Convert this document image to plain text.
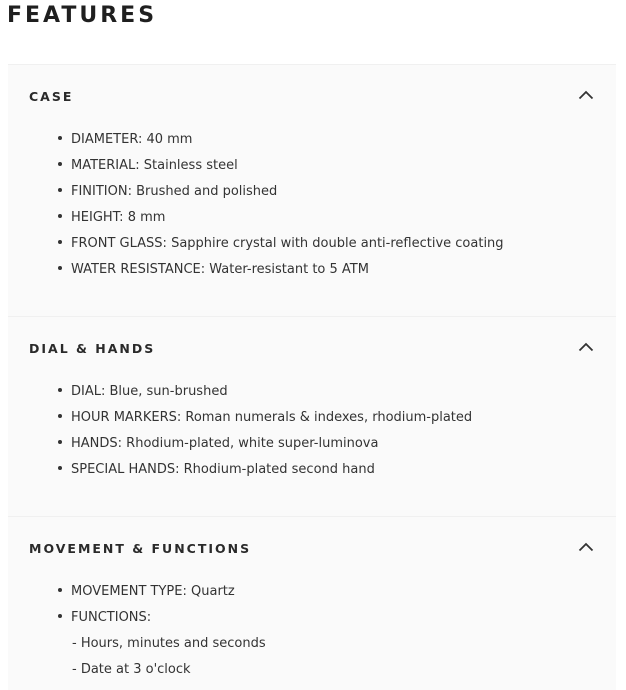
FEATURES
CASE
DIAMETER: 40 mm
MATERIAL: Stainless steel
FINITION: Brushed and polished
HEIGHT: 8 mm
FRONT GLASS: Sapphire crystal with double anti-reflective coating
WATER RESISTANCE: Water-resistant to 5 ATM
DIAL & HANDS
DIAL: Blue, sun-brushed
HOUR MARKERS: Roman numerals & indexes, rhodium-plated
HANDS: Rhodium-plated, white super-luminova
SPECIAL HANDS: Rhodium-plated second hand
MOVEMENT & FUNCTIONS
MOVEMENT TYPE: Quartz
FUNCTIONS:
- Hours, minutes and seconds
- Date at 3 o'clock
